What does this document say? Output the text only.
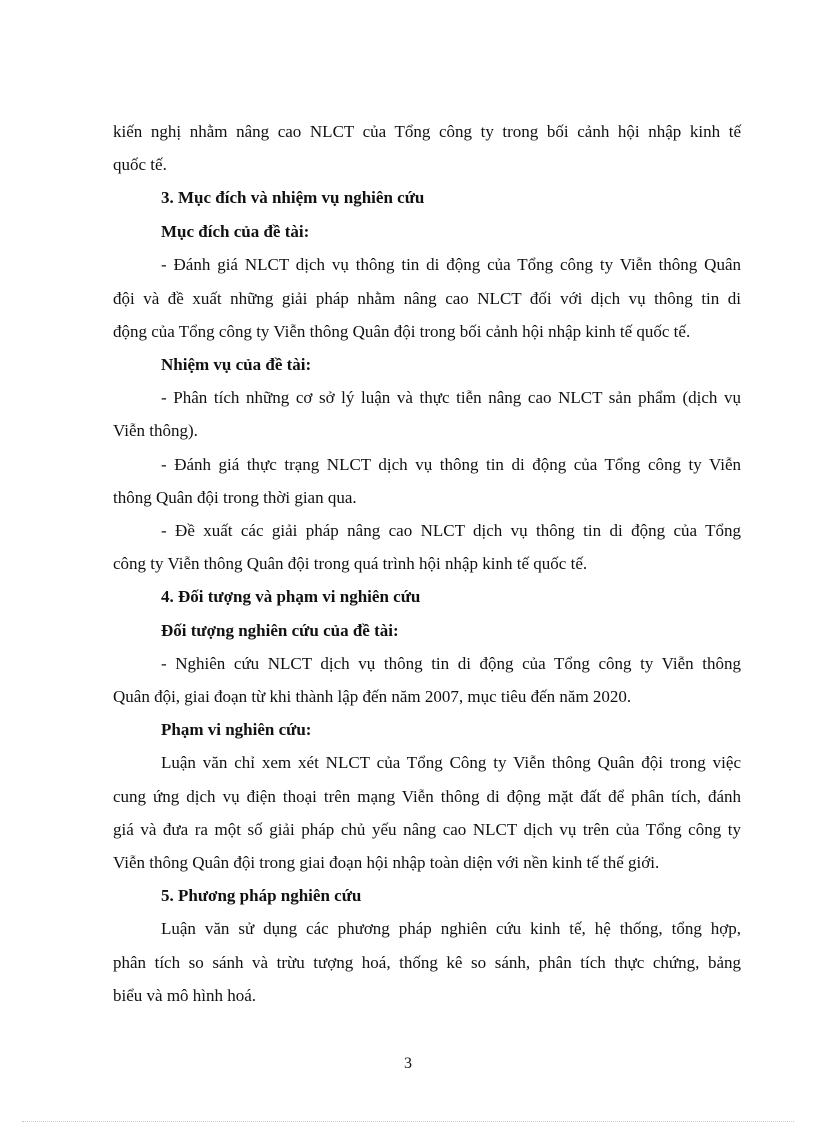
kiến nghị nhằm nâng cao NLCT của Tổng công ty trong bối cảnh hội nhập kinh tế
quốc tế.
3. Mục đích và nhiệm vụ nghiên cứu
Mục đích của đề tài:
- Đánh giá NLCT dịch vụ thông tin di động của Tổng công ty Viễn thông Quân
đội và đề xuất những giải pháp nhằm nâng cao NLCT đối với dịch vụ thông tin di
động của Tổng công ty Viễn thông Quân đội trong bối cảnh hội nhập kinh tế quốc tế.
Nhiệm vụ của đề tài:
- Phân tích những cơ sở lý luận và thực tiễn nâng cao NLCT sản phẩm (dịch vụ
Viễn thông).
- Đánh giá thực trạng NLCT dịch vụ thông tin di động của Tổng công ty Viễn
thông Quân đội trong thời gian qua.
- Đề xuất các giải pháp nâng cao NLCT dịch vụ thông tin di động của Tổng
công ty Viễn thông Quân đội trong quá trình hội nhập kinh tế quốc tế.
4. Đối tượng và phạm vi nghiên cứu
Đối tượng nghiên cứu của đề tài:
- Nghiên cứu NLCT dịch vụ thông tin di động của Tổng công ty Viễn thông
Quân đội, giai đoạn từ khi thành lập đến năm 2007, mục tiêu đến năm 2020.
Phạm vi nghiên cứu:
Luận văn chỉ xem xét NLCT của Tổng Công ty Viễn thông Quân đội trong việc
cung ứng dịch vụ điện thoại trên mạng Viễn thông di động mặt đất để phân tích, đánh
giá và đưa ra một số giải pháp chủ yếu nâng cao NLCT dịch vụ trên của Tổng công ty
Viễn thông Quân đội trong giai đoạn hội nhập toàn diện với nền kinh tế thế giới.
5. Phương pháp nghiên cứu
Luận văn sử dụng các phương pháp nghiên cứu kinh tế, hệ thống, tổng hợp,
phân tích so sánh và trừu tượng hoá, thống kê so sánh, phân tích thực chứng, bảng
biểu và mô hình hoá.
3
